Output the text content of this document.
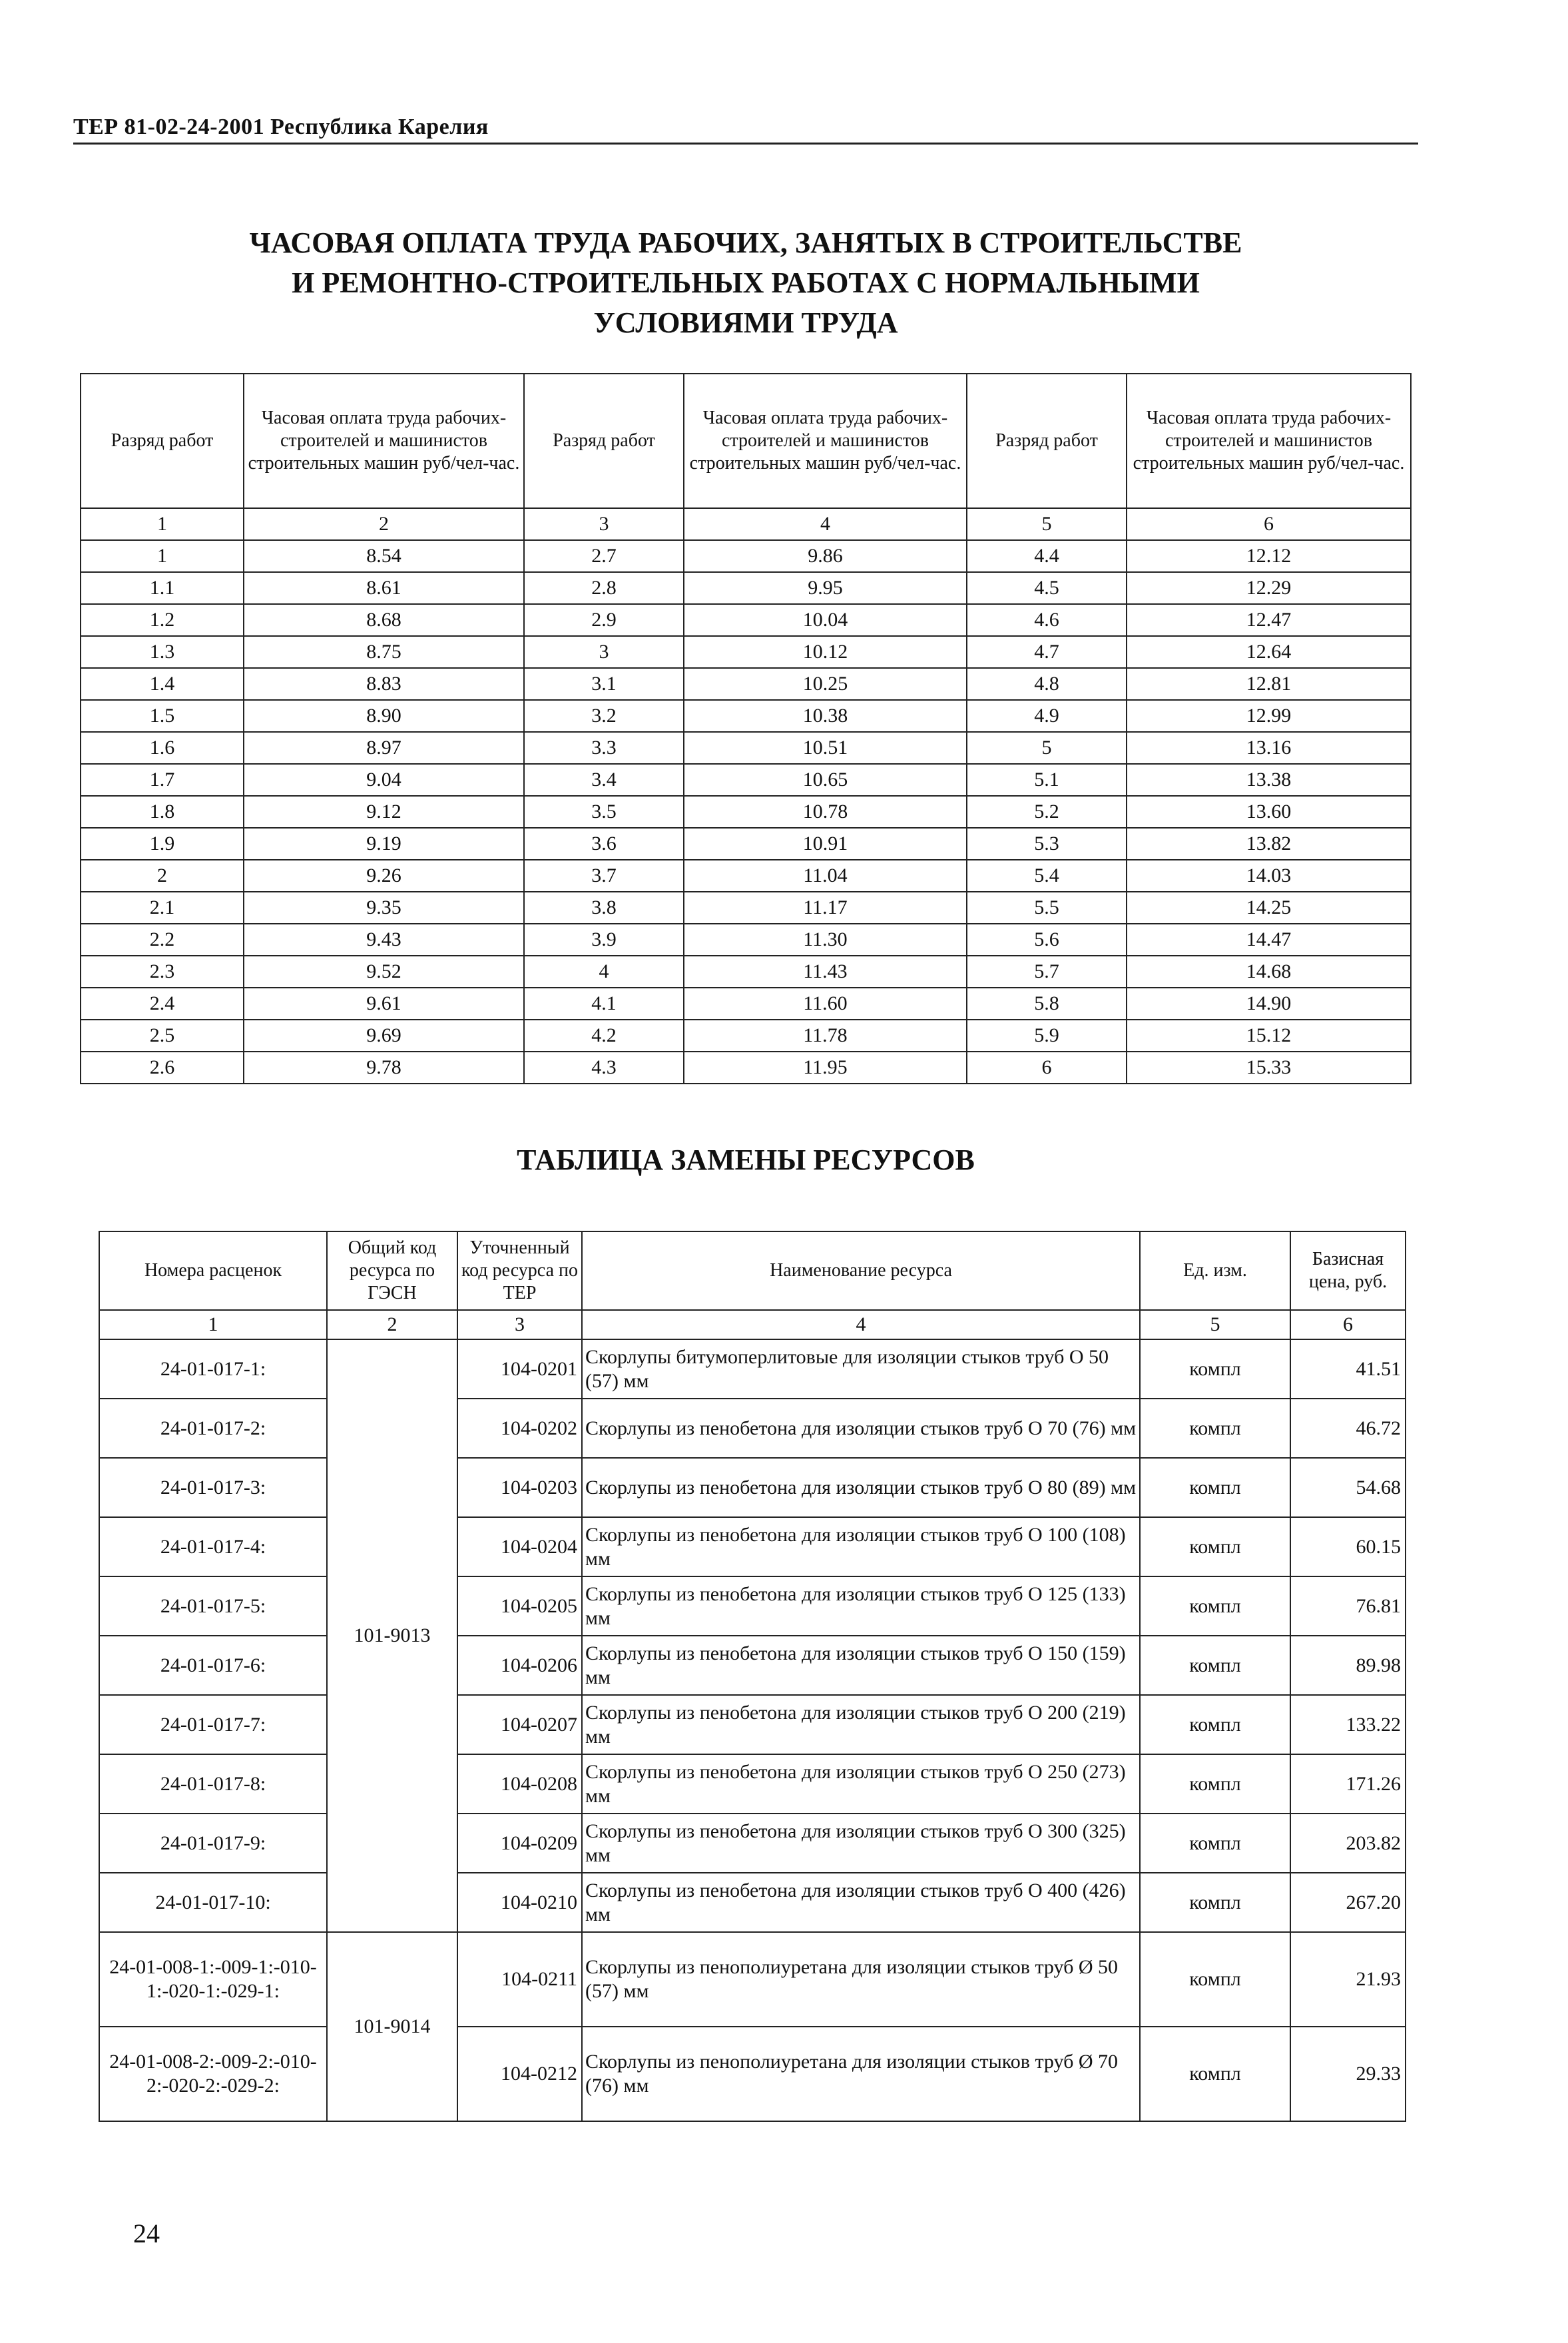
ТЕР 81-02-24-2001 Республика Карелия
ЧАСОВАЯ ОПЛАТА ТРУДА РАБОЧИХ, ЗАНЯТЫХ В СТРОИТЕЛЬСТВЕ
И РЕМОНТНО-СТРОИТЕЛЬНЫХ РАБОТАХ С НОРМАЛЬНЫМИ
УСЛОВИЯМИ ТРУДА
Разряд работ	Часовая оплата труда рабочих-строителей и машинистов строительных машин руб/чел-час.	Разряд работ	Часовая оплата труда рабочих-строителей и машинистов строительных машин руб/чел-час.	Разряд работ	Часовая оплата труда рабочих-строителей и машинистов строительных машин руб/чел-час.
1	2	3	4	5	6
1	8.54	2.7	9.86	4.4	12.12
1.1	8.61	2.8	9.95	4.5	12.29
1.2	8.68	2.9	10.04	4.6	12.47
1.3	8.75	3	10.12	4.7	12.64
1.4	8.83	3.1	10.25	4.8	12.81
1.5	8.90	3.2	10.38	4.9	12.99
1.6	8.97	3.3	10.51	5	13.16
1.7	9.04	3.4	10.65	5.1	13.38
1.8	9.12	3.5	10.78	5.2	13.60
1.9	9.19	3.6	10.91	5.3	13.82
2	9.26	3.7	11.04	5.4	14.03
2.1	9.35	3.8	11.17	5.5	14.25
2.2	9.43	3.9	11.30	5.6	14.47
2.3	9.52	4	11.43	5.7	14.68
2.4	9.61	4.1	11.60	5.8	14.90
2.5	9.69	4.2	11.78	5.9	15.12
2.6	9.78	4.3	11.95	6	15.33
ТАБЛИЦА ЗАМЕНЫ РЕСУРСОВ
Номера расценок	Общий код ресурса по ГЭСН	Уточненный код ресурса по ТЕР	Наименование ресурса	Ед. изм.	Базисная цена, руб.
1	2	3	4	5	6
24-01-017-1:	101-9013	104-0201	Скорлупы битумоперлитовые для изоляции стыков труб О 50 (57) мм	компл	41.51
24-01-017-2:		104-0202	Скорлупы из пенобетона для изоляции стыков труб О 70 (76) мм	компл	46.72
24-01-017-3:		104-0203	Скорлупы из пенобетона для изоляции стыков труб О 80 (89) мм	компл	54.68
24-01-017-4:		104-0204	Скорлупы из пенобетона для изоляции стыков труб О 100 (108) мм	компл	60.15
24-01-017-5:		104-0205	Скорлупы из пенобетона для изоляции стыков труб О 125 (133) мм	компл	76.81
24-01-017-6:		104-0206	Скорлупы из пенобетона для изоляции стыков труб О 150 (159) мм	компл	89.98
24-01-017-7:		104-0207	Скорлупы из пенобетона для изоляции стыков труб О 200 (219) мм	компл	133.22
24-01-017-8:		104-0208	Скорлупы из пенобетона для изоляции стыков труб О 250 (273) мм	компл	171.26
24-01-017-9:		104-0209	Скорлупы из пенобетона для изоляции стыков труб О 300 (325) мм	компл	203.82
24-01-017-10:		104-0210	Скорлупы из пенобетона для изоляции стыков труб О 400 (426) мм	компл	267.20
24-01-008-1:-009-1:-010-1:-020-1:-029-1:	101-9014	104-0211	Скорлупы из пенополиуретана для изоляции стыков труб Ø 50 (57) мм	компл	21.93
24-01-008-2:-009-2:-010-2:-020-2:-029-2:		104-0212	Скорлупы из пенополиуретана для изоляции стыков труб Ø 70 (76) мм	компл	29.33
24
